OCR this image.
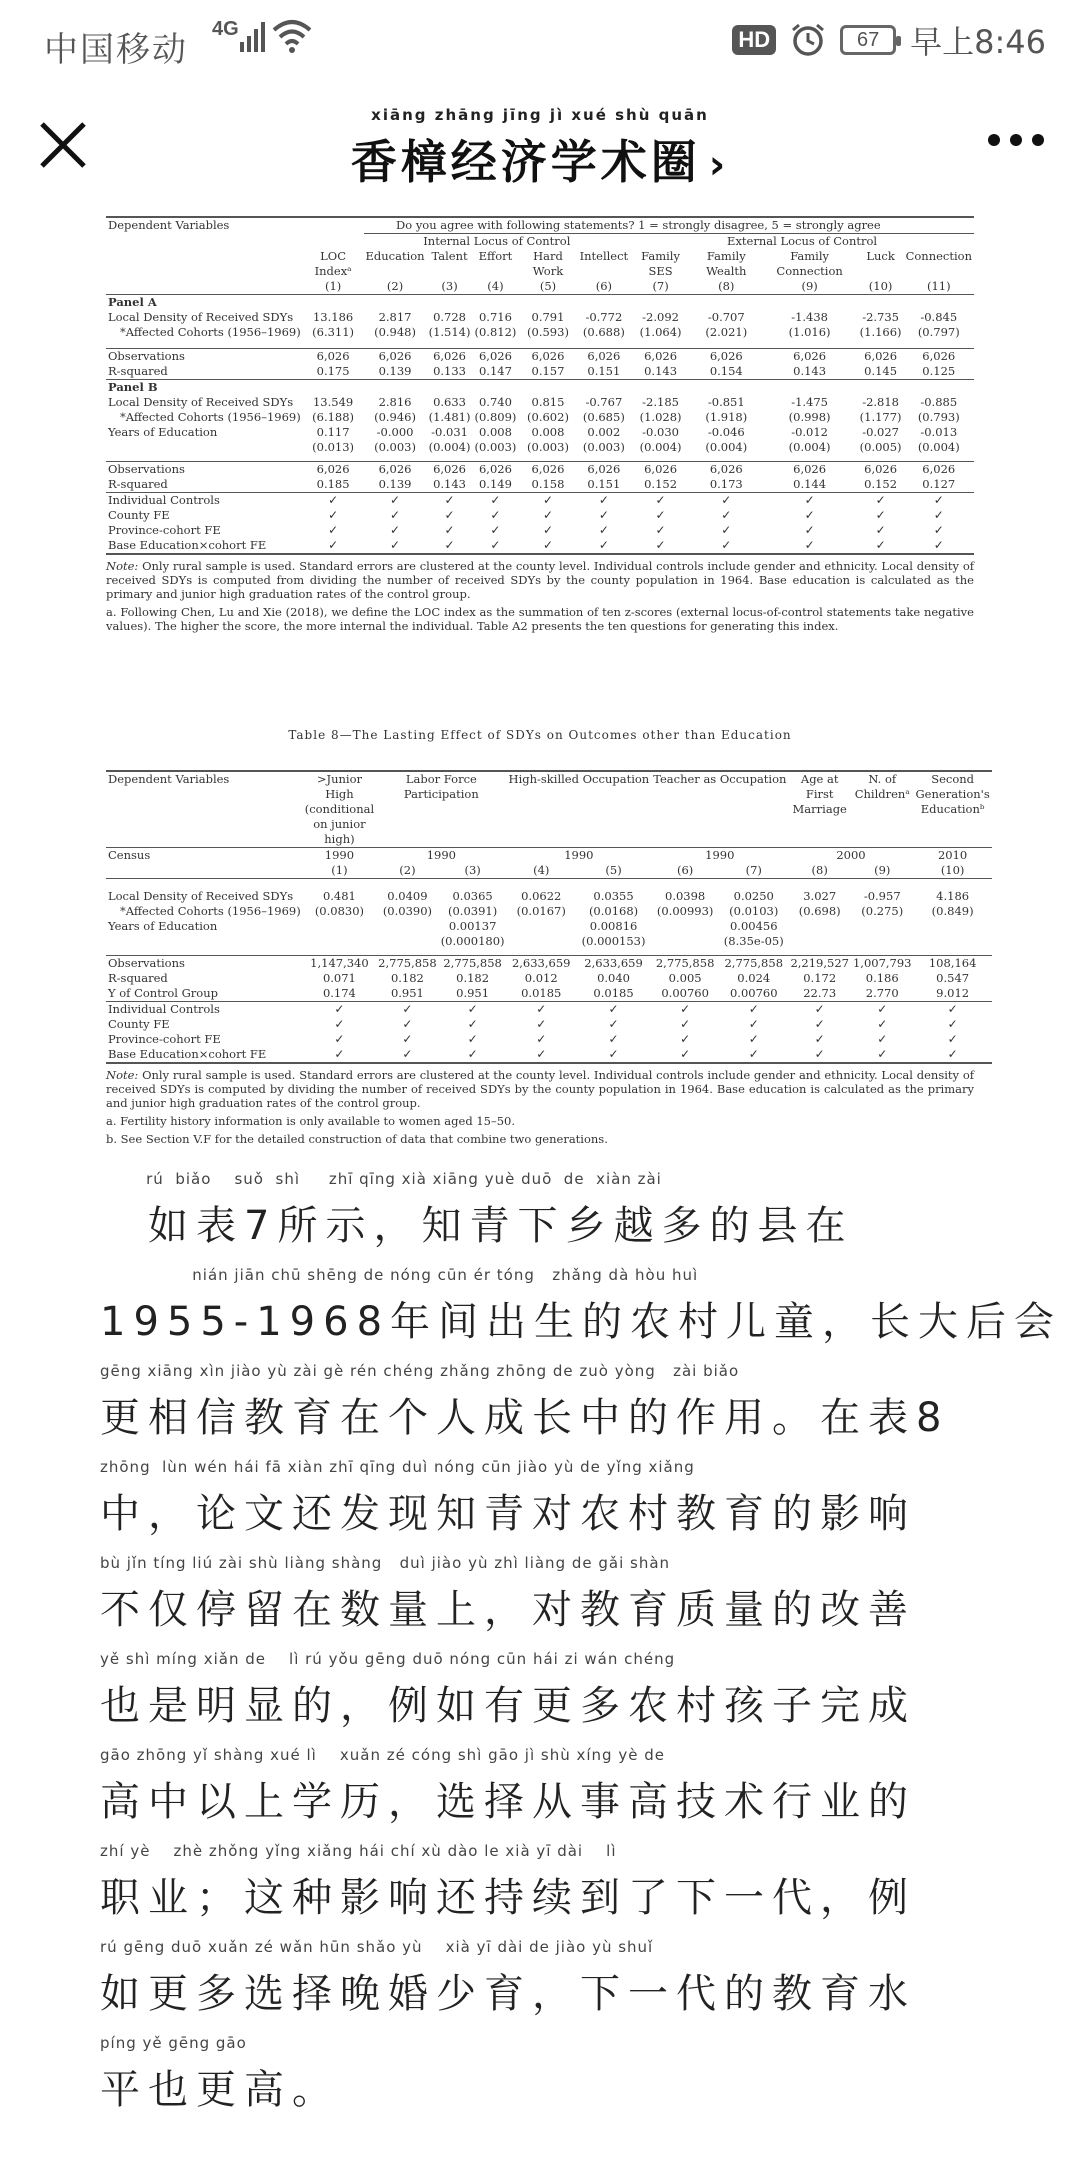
中国移动
4G	HD	67 早上8:46
xiāng zhāng jīng jì xué shù quān
香樟经济学术圈 ›
Dependent Variables	Do you agree with following statements? 1 = strongly disagree, 5 = strongly agree										
		Internal Locus of Control					External Locus of Control				
	LOC Indexᵃ	Education	Talent	Effort	Hard Work	Intellect	Family SES	Family Wealth	Family Connection	Luck	Connection
	(1)	(2)	(3)	(4)	(5)	(6)	(7)	(8)	(9)	(10)	(11)
Panel A											
Local Density of Received SDYs	13.186	2.817	0.728	0.716	0.791	-0.772	-2.092	-0.707	-1.438	-2.735	-0.845
*Affected Cohorts (1956–1969)	(6.311)	(0.948)	(1.514)	(0.812)	(0.593)	(0.688)	(1.064)	(2.021)	(1.016)	(1.166)	(0.797)

Observations	6,026	6,026	6,026	6,026	6,026	6,026	6,026	6,026	6,026	6,026	6,026
R-squared	0.175	0.139	0.133	0.147	0.157	0.151	0.143	0.154	0.143	0.145	0.125
Panel B											
Local Density of Received SDYs	13.549	2.816	0.633	0.740	0.815	-0.767	-2.185	-0.851	-1.475	-2.818	-0.885
*Affected Cohorts (1956–1969)	(6.188)	(0.946)	(1.481)	(0.809)	(0.602)	(0.685)	(1.028)	(1.918)	(0.998)	(1.177)	(0.793)
Years of Education	0.117	-0.000	-0.031	0.008	0.008	0.002	-0.030	-0.046	-0.012	-0.027	-0.013
	(0.013)	(0.003)	(0.004)	(0.003)	(0.003)	(0.003)	(0.004)	(0.004)	(0.004)	(0.005)	(0.004)

Observations	6,026	6,026	6,026	6,026	6,026	6,026	6,026	6,026	6,026	6,026	6,026
R-squared	0.185	0.139	0.143	0.149	0.158	0.151	0.152	0.173	0.144	0.152	0.127
Individual Controls	✓	✓	✓	✓	✓	✓	✓	✓	✓	✓	✓
County FE	✓	✓	✓	✓	✓	✓	✓	✓	✓	✓	✓
Province-cohort FE	✓	✓	✓	✓	✓	✓	✓	✓	✓	✓	✓
Base Education×cohort FE	✓	✓	✓	✓	✓	✓	✓	✓	✓	✓	✓

Note: Only rural sample is used. Standard errors are clustered at the county level. Individual controls include gender and ethnicity. Local density of received SDYs is computed from dividing the number of received SDYs by the county population in 1964. Base education is calculated as the primary and junior high graduation rates of the control group.

a. Following Chen, Lu and Xie (2018), we define the LOC index as the summation of ten z-scores (external locus-of-control statements take negative values). The higher the score, the more internal the individual. Table A2 presents the ten questions for generating this index.

Table 8—The Lasting Effect of SDYs on Outcomes other than Education
Dependent Variables	>Junior High (conditional on junior high)	Labor Force Participation		High-skilled Occupation		Teacher as Occupation		Age at First Marriage	N. of Childrenᵃ	Second Generation's Educationᵇ
Census	1990	1990		1990		1990		2000		2010
	(1)	(2)	(3)	(4)	(5)	(6)	(7)	(8)	(9)	(10)

Local Density of Received SDYs	0.481	0.0409	0.0365	0.0622	0.0355	0.0398	0.0250	3.027	-0.957	4.186
*Affected Cohorts (1956–1969)	(0.0830)	(0.0390)	(0.0391)	(0.0167)	(0.0168)	(0.00993)	(0.0103)	(0.698)	(0.275)	(0.849)
Years of Education			0.00137		0.00816		0.00456			
			(0.000180)		(0.000153)		(8.35e-05)			

Observations	1,147,340	2,775,858	2,775,858	2,633,659	2,633,659	2,775,858	2,775,858	2,219,527	1,007,793	108,164
R-squared	0.071	0.182	0.182	0.012	0.040	0.005	0.024	0.172	0.186	0.547
Y of Control Group	0.174	0.951	0.951	0.0185	0.0185	0.00760	0.00760	22.73	2.770	9.012
Individual Controls	✓	✓	✓	✓	✓	✓	✓	✓	✓	✓
County FE	✓	✓	✓	✓	✓	✓	✓	✓	✓	✓
Province-cohort FE	✓	✓	✓	✓	✓	✓	✓	✓	✓	✓
Base Education×cohort FE	✓	✓	✓	✓	✓	✓	✓	✓	✓	✓

Note: Only rural sample is used. Standard errors are clustered at the county level. Individual controls include gender and ethnicity. Local density of received SDYs is computed by dividing the number of received SDYs by the county population in 1964. Base education is calculated as the primary and junior high graduation rates of the control group.

a. Fertility history information is only available to women aged 15–50.

b. See Section V.F for the detailed construction of data that combine two generations.

rú  biǎo    suǒ  shì     zhī qīng xià xiāng yuè duō  de  xiàn zài
　如表7所示，知青下乡越多的县在
nián jiān chū shēng de nóng cūn ér tóng   zhǎng dà hòu huì
1955-1968年间出生的农村儿童，长大后会
gēng xiāng xìn jiào yù zài gè rén chéng zhǎng zhōng de zuò yòng   zài biǎo
更相信教育在个人成长中的作用。在表8
zhōng  lùn wén hái fā xiàn zhī qīng duì nóng cūn jiào yù de yǐng xiǎng
中，论文还发现知青对农村教育的影响
bù jǐn tíng liú zài shù liàng shàng   duì jiào yù zhì liàng de gǎi shàn
不仅停留在数量上，对教育质量的改善
yě shì míng xiǎn de    lì rú yǒu gēng duō nóng cūn hái zi wán chéng
也是明显的，例如有更多农村孩子完成
gāo zhōng yǐ shàng xué lì    xuǎn zé cóng shì gāo jì shù xíng yè de
高中以上学历，选择从事高技术行业的
zhí yè    zhè zhǒng yǐng xiǎng hái chí xù dào le xià yī dài    lì
职业；这种影响还持续到了下一代，例
rú gēng duō xuǎn zé wǎn hūn shǎo yù    xià yī dài de jiào yù shuǐ
如更多选择晚婚少育，下一代的教育水
píng yě gēng gāo
平也更高。
